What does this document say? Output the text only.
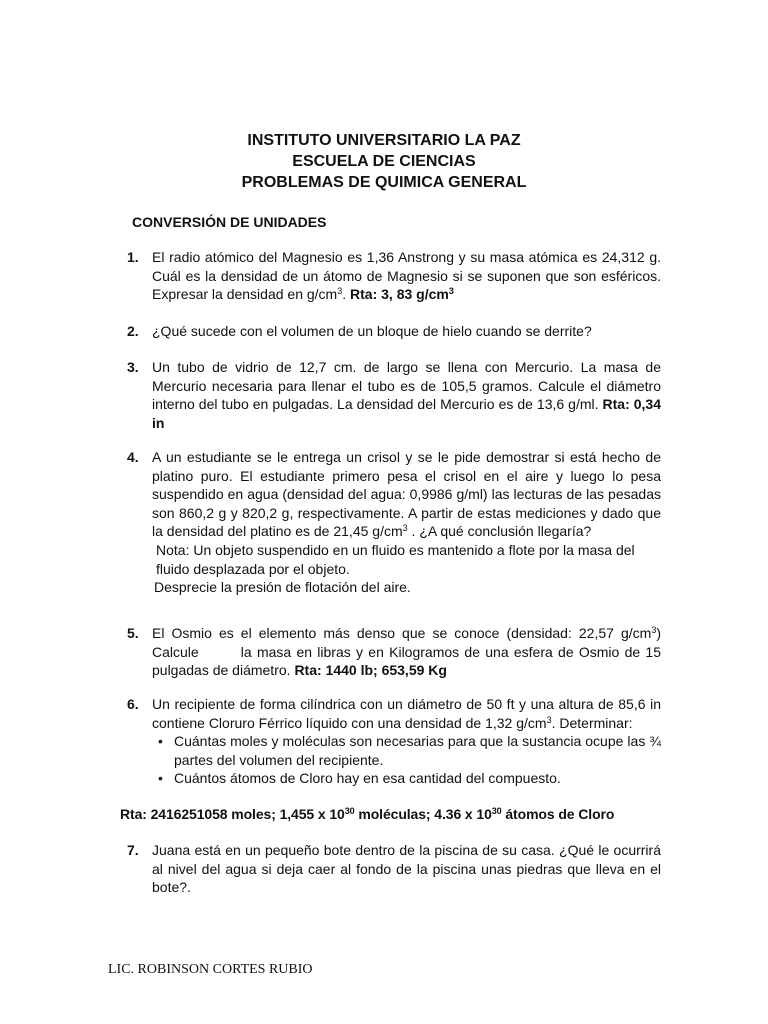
INSTITUTO UNIVERSITARIO LA PAZ
ESCUELA DE CIENCIAS
PROBLEMAS DE QUIMICA GENERAL
CONVERSIÓN DE UNIDADES
1. El radio atómico del Magnesio es 1,36 Anstrong y su masa atómica es 24,312 g. Cuál es la densidad de un átomo de Magnesio si se suponen que son esféricos. Expresar la densidad en $g/cm^3$. Rta: 3, 83 $g/cm^3$
2. ¿Qué sucede con el volumen de un bloque de hielo cuando se derrite?
3. Un tubo de vidrio de 12,7 cm. de largo se llena con Mercurio. La masa de Mercurio necesaria para llenar el tubo es de 105,5 gramos. Calcule el diámetro interno del tubo en pulgadas. La densidad del Mercurio es de 13,6 g/ml. Rta: 0,34 in
4. A un estudiante se le entrega un crisol y se le pide demostrar si está hecho de platino puro. El estudiante primero pesa el crisol en el aire y luego lo pesa suspendido en agua (densidad del agua: 0,9986 g/ml) las lecturas de las pesadas son 860,2 g y 820,2 g, respectivamente. A partir de estas mediciones y dado que la densidad del platino es de 21,45 $g/cm^3$ . ¿A qué conclusión llegaría?

Nota: Un objeto suspendido en un fluido es mantenido a flote por la masa del fluido desplazada por el objeto.

Desprecie la presión de flotación del aire.

5. El Osmio es el elemento más denso que se conoce (densidad: 22,57 $g/cm^3$) Calcule        la masa en libras y en Kilogramos de una esfera de Osmio de 15 pulgadas de diámetro. Rta: 1440 lb; 653,59 Kg
6. Un recipiente de forma cilíndrica con un diámetro de 50 ft y una altura de 85,6 in contiene Cloruro Férrico líquido con una densidad de 1,32 $g/cm^3$. Determinar:

• Cuántas moles y moléculas son necesarias para que la sustancia ocupe las ¾ partes del volumen del recipiente.
• Cuántos átomos de Cloro hay en esa cantidad del compuesto.
Rta: 2416251058 moles; 1,455 x $10^{30}$ moléculas; 4.36 x $10^{30}$ átomos de Cloro
7. Juana está en un pequeño bote dentro de la piscina de su casa. ¿Qué le ocurrirá al nivel del agua si deja caer al fondo de la piscina unas piedras que lleva en el bote?.
LIC. ROBINSON CORTES RUBIO
